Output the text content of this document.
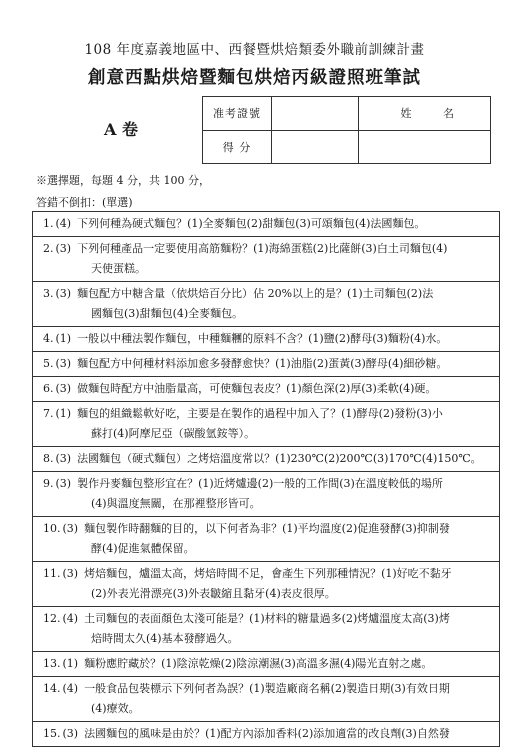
108 年度嘉義地區中、西餐暨烘焙類委外職前訓練計畫
創意西點烘焙暨麵包烘焙丙級證照班筆試
A 卷
准考證號		姓 名
得 分		
※選擇題，每題 4 分，共 100 分，
答錯不倒扣：(單選)
1. (4) 下列何種為硬式麵包？(1)全麥麵包(2)甜麵包(3)可頌麵包(4)法國麵包。

2. (3) 下列何種產品一定要使用高筋麵粉？(1)海綿蛋糕(2)比薩餅(3)白土司麵包(4)
天使蛋糕。

3. (3) 麵包配方中糖含量（依烘焙百分比）佔 20%以上的是？(1)土司麵包(2)法
國麵包(3)甜麵包(4)全麥麵包。

4. (1) 一般以中種法製作麵包，中種麵糰的原料不含？(1)鹽(2)酵母(3)麵粉(4)水。

5. (3) 麵包配方中何種材料添加愈多發酵愈快？(1)油脂(2)蛋黃(3)酵母(4)細砂糖。

6. (3) 做麵包時配方中油脂量高，可使麵包表皮？(1)顏色深(2)厚(3)柔軟(4)硬。

7. (1) 麵包的組織鬆軟好吃，主要是在製作的過程中加入了？(1)酵母(2)發粉(3)小
蘇打(4)阿摩尼亞（碳酸氫銨等）。

8. (3) 法國麵包（硬式麵包）之烤焙溫度常以？(1)230℃(2)200℃(3)170℃(4)150℃。

9. (3) 製作丹麥麵包整形宜在？(1)近烤爐邊(2)一般的工作間(3)在溫度較低的場所
(4)與溫度無關，在那裡整形皆可。

10. (3) 麵包製作時翻麵的目的，以下何者為非？(1)平均溫度(2)促進發酵(3)抑制發
酵(4)促進氣體保留。

11. (3) 烤焙麵包，爐溫太高，烤焙時間不足，會產生下列那種情況？(1)好吃不黏牙
(2)外表光滑漂亮(3)外表皺縮且黏牙(4)表皮很厚。

12. (4) 土司麵包的表面顏色太淺可能是？(1)材料的糖量過多(2)烤爐溫度太高(3)烤
焙時間太久(4)基本發酵過久。

13. (1) 麵粉應貯藏於？(1)陰涼乾燥(2)陰涼潮濕(3)高溫多濕(4)陽光直射之處。

14. (4) 一般食品包裝標示下列何者為誤？(1)製造廠商名稱(2)製造日期(3)有效日期
(4)療效。

15. (3) 法國麵包的風味是由於？(1)配方內添加香料(2)添加適當的改良劑(3)自然發
